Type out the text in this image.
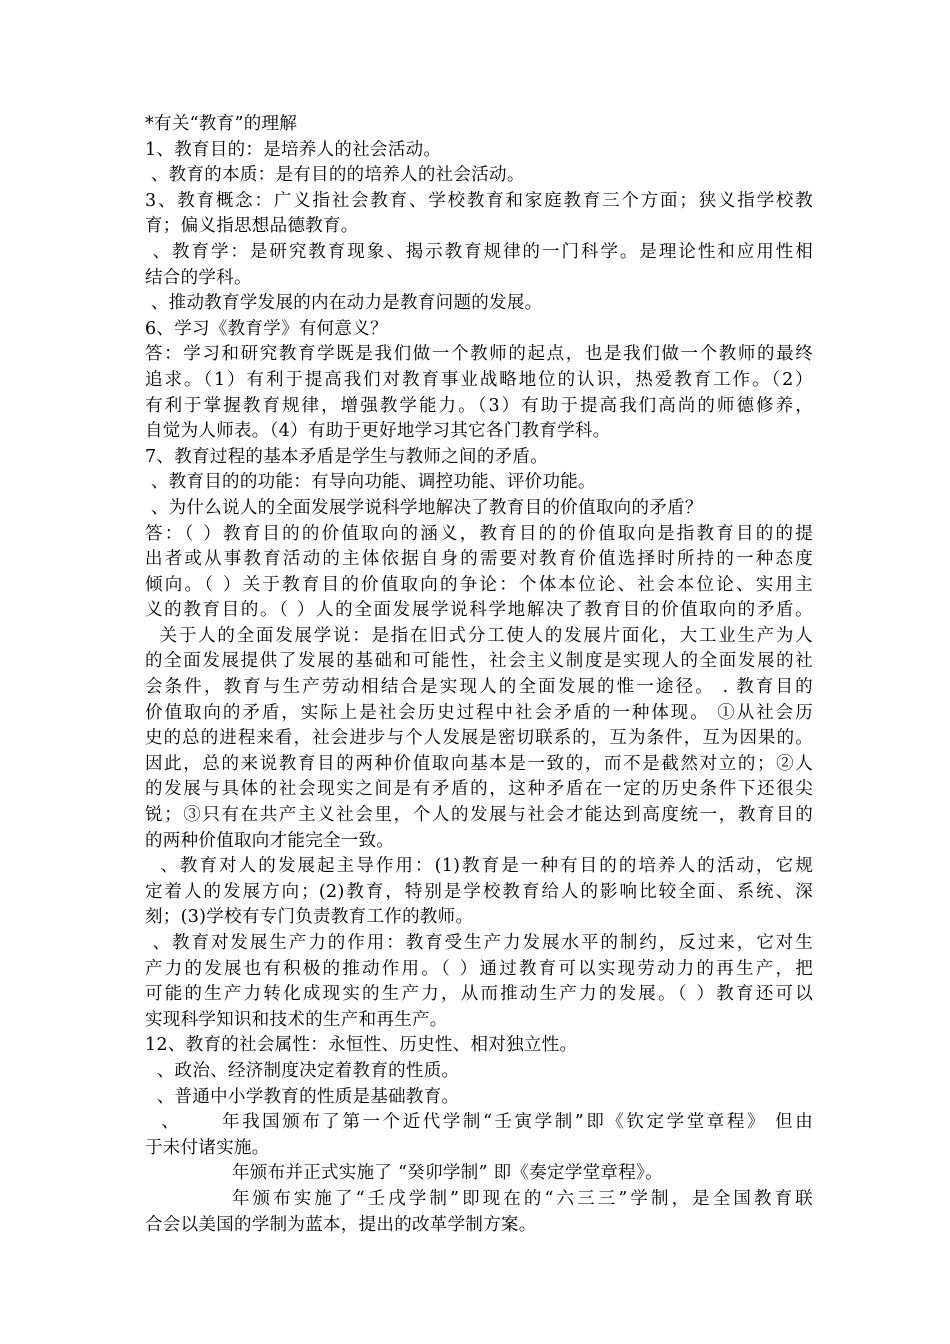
*有关“教育”的理解
1、教育目的：是培养人的社会活动。
、教育的本质：是有目的的培养人的社会活动。
3、教育概念：广义指社会教育、学校教育和家庭教育三个方面；狭义指学校教
育；偏义指思想品德教育。
、教育学：是研究教育现象、揭示教育规律的一门科学。是理论性和应用性相
结合的学科。
、推动教育学发展的内在动力是教育问题的发展。
6、学习《教育学》有何意义？
答：学习和研究教育学既是我们做一个教师的起点，也是我们做一个教师的最终
追求。（1）有利于提高我们对教育事业战略地位的认识，热爱教育工作。（2）
有利于掌握教育规律，增强教学能力。（3）有助于提高我们高尚的师德修养，
自觉为人师表。（4）有助于更好地学习其它各门教育学科。
7、教育过程的基本矛盾是学生与教师之间的矛盾。
、教育目的的功能：有导向功能、调控功能、评价功能。
、为什么说人的全面发展学说科学地解决了教育目的价值取向的矛盾？
答：（ ）教育目的的价值取向的涵义，教育目的的价值取向是指教育目的的提
出者或从事教育活动的主体依据自身的需要对教育价值选择时所持的一种态度
倾向。（ ）关于教育目的价值取向的争论：个体本位论、社会本位论、实用主
义的教育目的。（ ）人的全面发展学说科学地解决了教育目的价值取向的矛盾。
关于人的全面发展学说：是指在旧式分工使人的发展片面化，大工业生产为人
的全面发展提供了发展的基础和可能性，社会主义制度是实现人的全面发展的社
会条件，教育与生产劳动相结合是实现人的全面发展的惟一途径。 . 教育目的
价值取向的矛盾，实际上是社会历史过程中社会矛盾的一种体现。 ①从社会历
史的总的进程来看，社会进步与个人发展是密切联系的，互为条件，互为因果的。
因此，总的来说教育目的两种价值取向基本是一致的，而不是截然对立的；②人
的发展与具体的社会现实之间是有矛盾的，这种矛盾在一定的历史条件下还很尖
锐；③只有在共产主义社会里，个人的发展与社会才能达到高度统一，教育目的
的两种价值取向才能完全一致。
、教育对人的发展起主导作用：(1)教育是一种有目的的培养人的活动，它规
定着人的发展方向；(2)教育，特别是学校教育给人的影响比较全面、系统、深
刻；(3)学校有专门负责教育工作的教师。
、教育对发展生产力的作用：教育受生产力发展水平的制约，反过来，它对生
产力的发展也有积极的推动作用。（ ）通过教育可以实现劳动力的再生产，把
可能的生产力转化成现实的生产力，从而推动生产力的发展。（ ）教育还可以
实现科学知识和技术的生产和再生产。
12、教育的社会属性：永恒性、历史性、相对独立性。
、政治、经济制度决定着教育的性质。
、普通中小学教育的性质是基础教育。
、     年我国颁布了第一个近代学制“壬寅学制”即《钦定学堂章程》 但由
于未付诸实施。
年颁布并正式实施了 “癸卯学制” 即《奏定学堂章程》。
年颁布实施了“壬戌学制”即现在的“六三三”学制，是全国教育联
合会以美国的学制为蓝本，提出的改革学制方案。
